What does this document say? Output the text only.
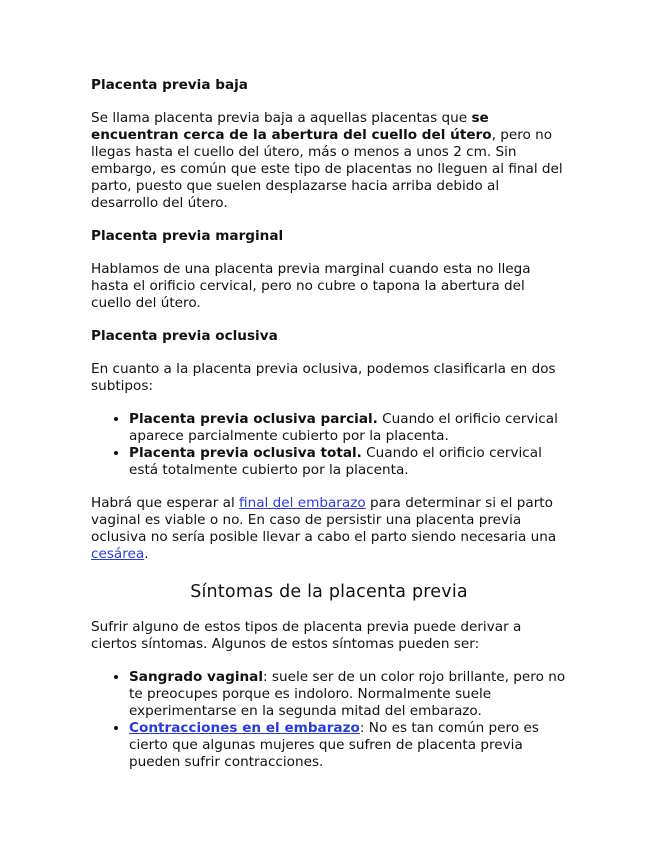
Placenta previa baja

Se llama placenta previa baja a aquellas placentas que se encuentran cerca de la abertura del cuello del útero, pero no llegas hasta el cuello del útero, más o menos a unos 2 cm. Sin embargo, es común que este tipo de placentas no lleguen al final del parto, puesto que suelen desplazarse hacia arriba debido al desarrollo del útero.

Placenta previa marginal

Hablamos de una placenta previa marginal cuando esta no llega hasta el orificio cervical, pero no cubre o tapona la abertura del cuello del útero.

Placenta previa oclusiva

En cuanto a la placenta previa oclusiva, podemos clasificarla en dos subtipos:

• Placenta previa oclusiva parcial. Cuando el orificio cervical aparece parcialmente cubierto por la placenta.
• Placenta previa oclusiva total. Cuando el orificio cervical está totalmente cubierto por la placenta.

Habrá que esperar al final del embarazo para determinar si el parto vaginal es viable o no. En caso de persistir una placenta previa oclusiva no sería posible llevar a cabo el parto siendo necesaria una cesárea.

Síntomas de la placenta previa

Sufrir alguno de estos tipos de placenta previa puede derivar a ciertos síntomas. Algunos de estos síntomas pueden ser:

• Sangrado vaginal: suele ser de un color rojo brillante, pero no te preocupes porque es indoloro. Normalmente suele experimentarse en la segunda mitad del embarazo.
• Contracciones en el embarazo: No es tan común pero es cierto que algunas mujeres que sufren de placenta previa pueden sufrir contracciones.
